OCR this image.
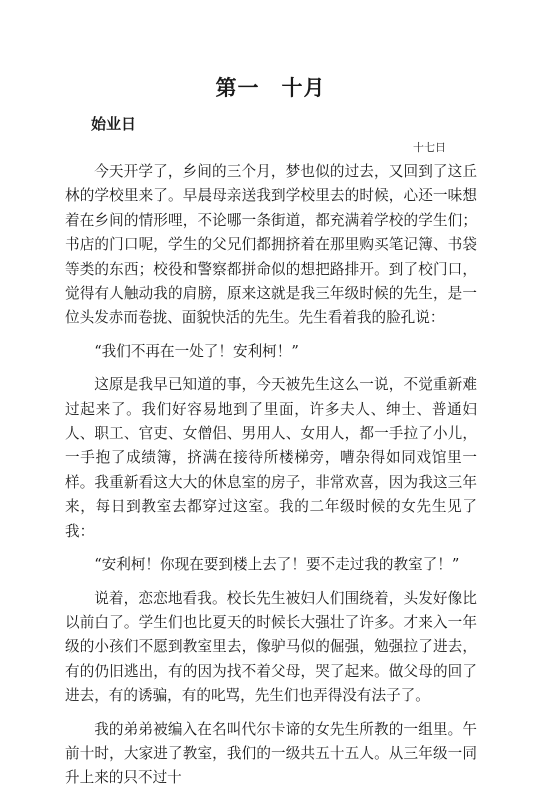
第一　十月
始业日
十七日

今天开学了，乡间的三个月，梦也似的过去，又回到了这丘林的学校里来了。早晨母亲送我到学校里去的时候，心还一味想着在乡间的情形哩，不论哪一条街道，都充满着学校的学生们；书店的门口呢，学生的父兄们都拥挤着在那里购买笔记簿、书袋等类的东西；校役和警察都拼命似的想把路排开。到了校门口，觉得有人触动我的肩膀，原来这就是我三年级时候的先生，是一位头发赤而卷拢、面貌快活的先生。先生看着我的脸孔说：

“我们不再在一处了！安利柯！”

这原是我早已知道的事，今天被先生这么一说，不觉重新难过起来了。我们好容易地到了里面，许多夫人、绅士、普通妇人、职工、官吏、女僧侣、男用人、女用人，都一手拉了小儿，一手抱了成绩簿，挤满在接待所楼梯旁，嘈杂得如同戏馆里一样。我重新看这大大的休息室的房子，非常欢喜，因为我这三年来，每日到教室去都穿过这室。我的二年级时候的女先生见了我：

“安利柯！你现在要到楼上去了！要不走过我的教室了！”

说着，恋恋地看我。校长先生被妇人们围绕着，头发好像比以前白了。学生们也比夏天的时候长大强壮了许多。才来入一年级的小孩们不愿到教室里去，像驴马似的倔强，勉强拉了进去，有的仍旧逃出，有的因为找不着父母，哭了起来。做父母的回了进去，有的诱骗，有的叱骂，先生们也弄得没有法子了。

我的弟弟被编入在名叫代尔卡谛的女先生所教的一组里。午前十时，大家进了教室，我们的一级共五十五人。从三年级一同升上来的只不过十
